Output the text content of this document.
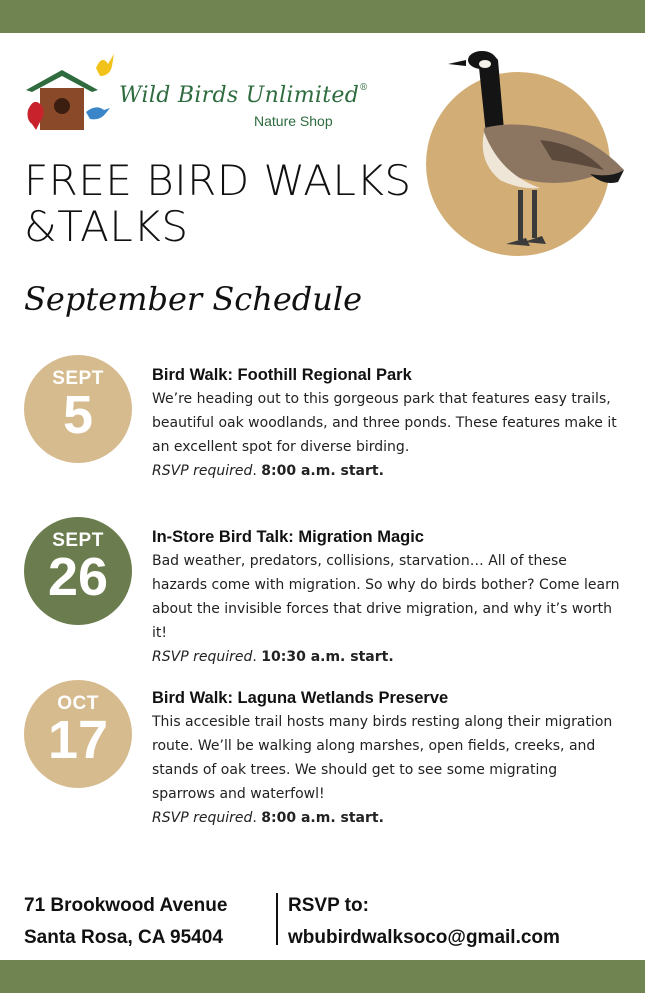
Wild Birds Unlimited®
Nature Shop
FREE BIRD WALKS
&TALKS
September Schedule
SEPT
5
Bird Walk: Foothill Regional Park
We’re heading out to this gorgeous park that features easy trails, beautiful oak woodlands, and three ponds. These features make it an excellent spot for diverse birding.
RSVP required. 8:00 a.m. start.
SEPT
26
In-Store Bird Talk: Migration Magic
Bad weather, predators, collisions, starvation… All of these hazards come with migration. So why do birds bother? Come learn about the invisible forces that drive migration, and why it’s worth it!
RSVP required. 10:30 a.m. start.
OCT
17
Bird Walk: Laguna Wetlands Preserve
This accesible trail hosts many birds resting along their migration route. We’ll be walking along marshes, open fields, creeks, and stands of oak trees. We should get to see some migrating sparrows and waterfowl!
RSVP required. 8:00 a.m. start.
71 Brookwood Avenue
Santa Rosa, CA 95404
RSVP to:
wbubirdwalksoco@gmail.com
